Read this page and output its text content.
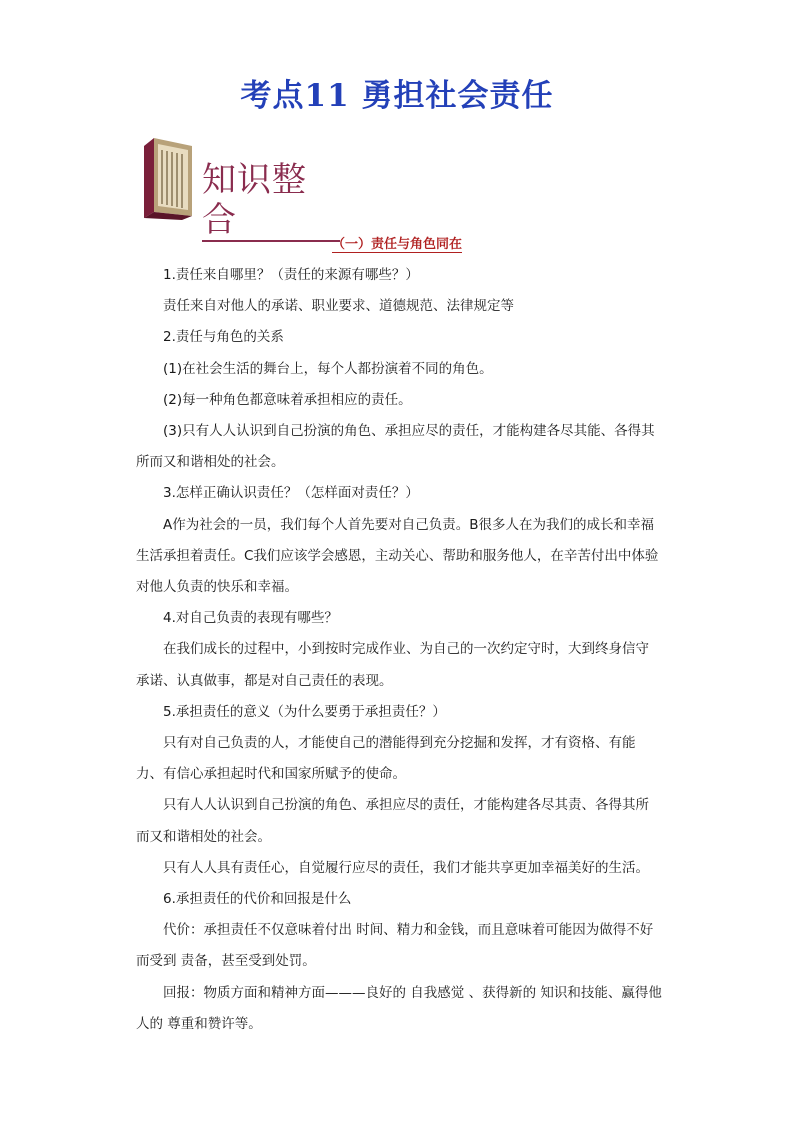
考点11 勇担社会责任
知识整合
（一）责任与角色同在

1.责任来自哪里？（责任的来源有哪些？）

责任来自对他人的承诺、职业要求、道德规范、法律规定等

2.责任与角色的关系

(1)在社会生活的舞台上，每个人都扮演着不同的角色。

(2)每一种角色都意味着承担相应的责任。

(3)只有人人认识到自己扮演的角色、承担应尽的责任，才能构建各尽其能、各得其所而又和谐相处的社会。

3.怎样正确认识责任？（怎样面对责任？）

A作为社会的一员，我们每个人首先要对自己负责。B很多人在为我们的成长和幸福生活承担着责任。C我们应该学会感恩，主动关心、帮助和服务他人，在辛苦付出中体验对他人负责的快乐和幸福。

4.对自己负责的表现有哪些？

在我们成长的过程中，小到按时完成作业、为自己的一次约定守时，大到终身信守承诺、认真做事，都是对自己责任的表现。

5.承担责任的意义（为什么要勇于承担责任？）

只有对自己负责的人，才能使自己的潜能得到充分挖掘和发挥，才有资格、有能力、有信心承担起时代和国家所赋予的使命。

只有人人认识到自己扮演的角色、承担应尽的责任，才能构建各尽其责、各得其所而又和谐相处的社会。

只有人人具有责任心，自觉履行应尽的责任，我们才能共享更加幸福美好的生活。

6.承担责任的代价和回报是什么

代价：承担责任不仅意味着付出 时间、精力和金钱，而且意味着可能因为做得不好而受到 责备，甚至受到处罚。

回报：物质方面和精神方面———良好的 自我感觉 、获得新的 知识和技能、赢得他人的 尊重和赞许等。
